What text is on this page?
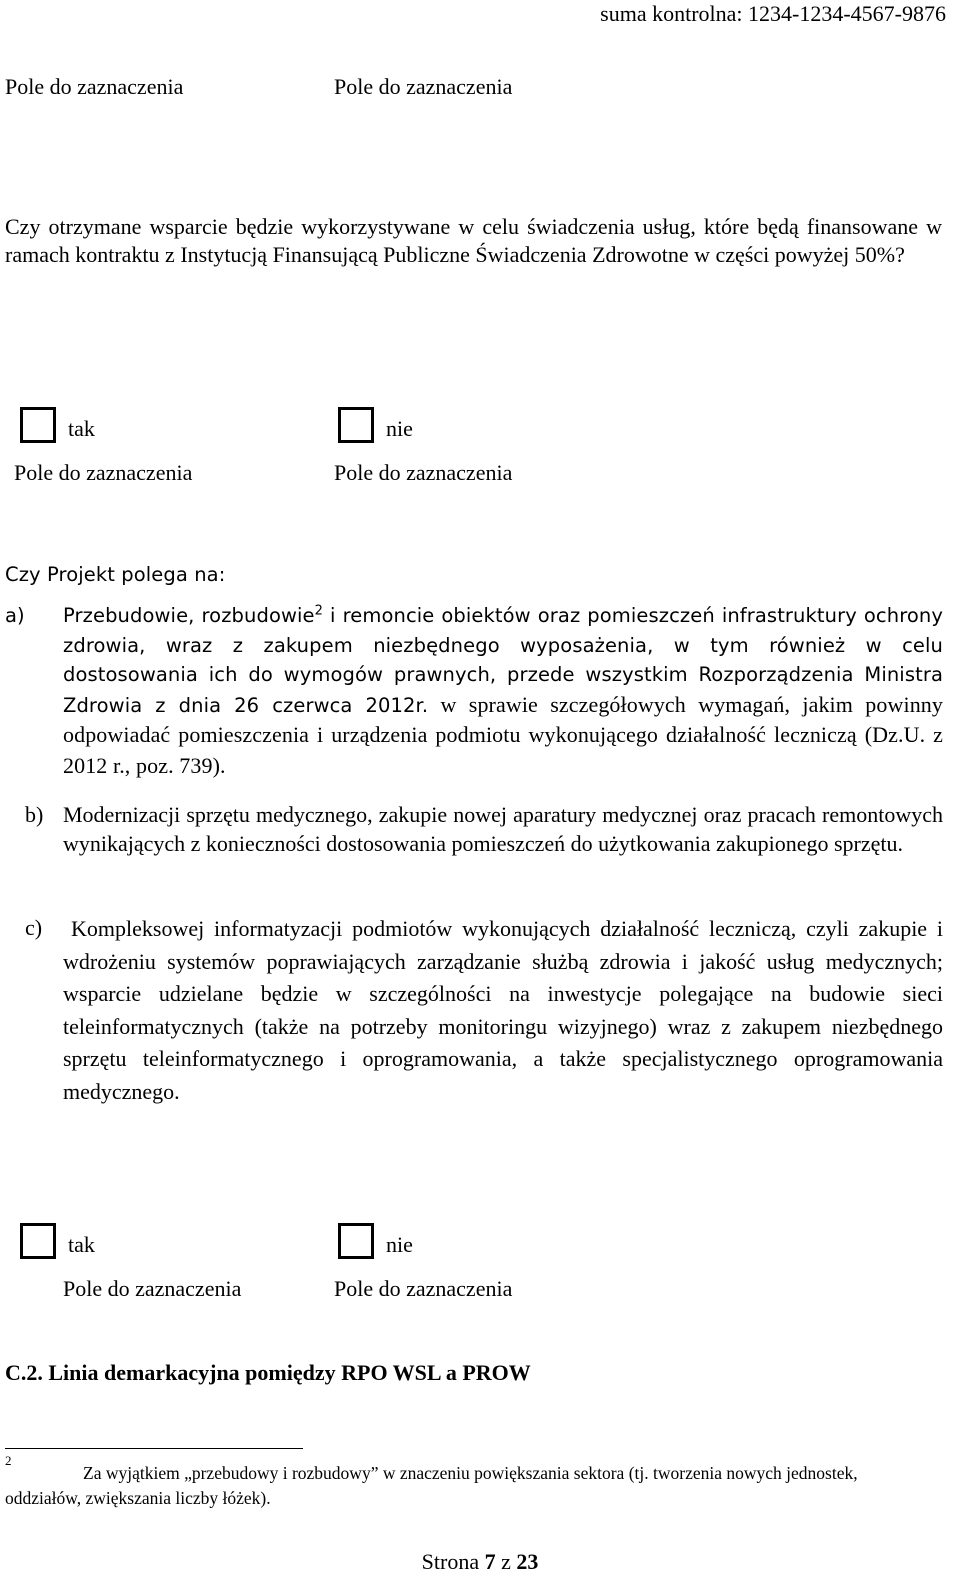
suma kontrolna: 1234-1234-4567-9876
Pole do zaznaczenia	Pole do zaznaczenia
Czy otrzymane wsparcie będzie wykorzystywane w celu świadczenia usług, które będą finansowane w ramach kontraktu z Instytucją Finansującą Publiczne Świadczenia Zdrowotne w części powyżej 50%?
tak	nie
Pole do zaznaczenia	Pole do zaznaczenia
Czy Projekt polega na:
a) Przebudowie, rozbudowie$^2$ i remoncie obiektów oraz pomieszczeń infrastruktury ochrony zdrowia, wraz z zakupem niezbędnego wyposażenia, w tym również w celu dostosowania ich do wymogów prawnych, przede wszystkim Rozporządzenia Ministra Zdrowia z dnia 26 czerwca 2012r. w sprawie szczegółowych wymagań, jakim powinny odpowiadać pomieszczenia i urządzenia podmiotu wykonującego działalność leczniczą (Dz.U. z 2012 r., poz. 739).
b) Modernizacji sprzętu medycznego, zakupie nowej aparatury medycznej oraz pracach remontowych wynikających z konieczności dostosowania pomieszczeń do użytkowania zakupionego sprzętu.
c)	Kompleksowej informatyzacji podmiotów wykonujących działalność leczniczą, czyli zakupie i wdrożeniu systemów poprawiających zarządzanie służbą zdrowia i jakość usług medycznych; wsparcie udzielane będzie w szczególności na inwestycje polegające na budowie sieci teleinformatycznych (także na potrzeby monitoringu wizyjnego) wraz z zakupem niezbędnego sprzętu teleinformatycznego i oprogramowania, a także specjalistycznego oprogramowania medycznego.
tak	nie
Pole do zaznaczenia	Pole do zaznaczenia
C.2. Linia demarkacyjna pomiędzy RPO WSL a PROW
2
Za wyjątkiem „przebudowy i rozbudowy” w znaczeniu powiększania sektora (tj. tworzenia nowych jednostek, oddziałów, zwiększania liczby łóżek).
Strona 7 z 23
